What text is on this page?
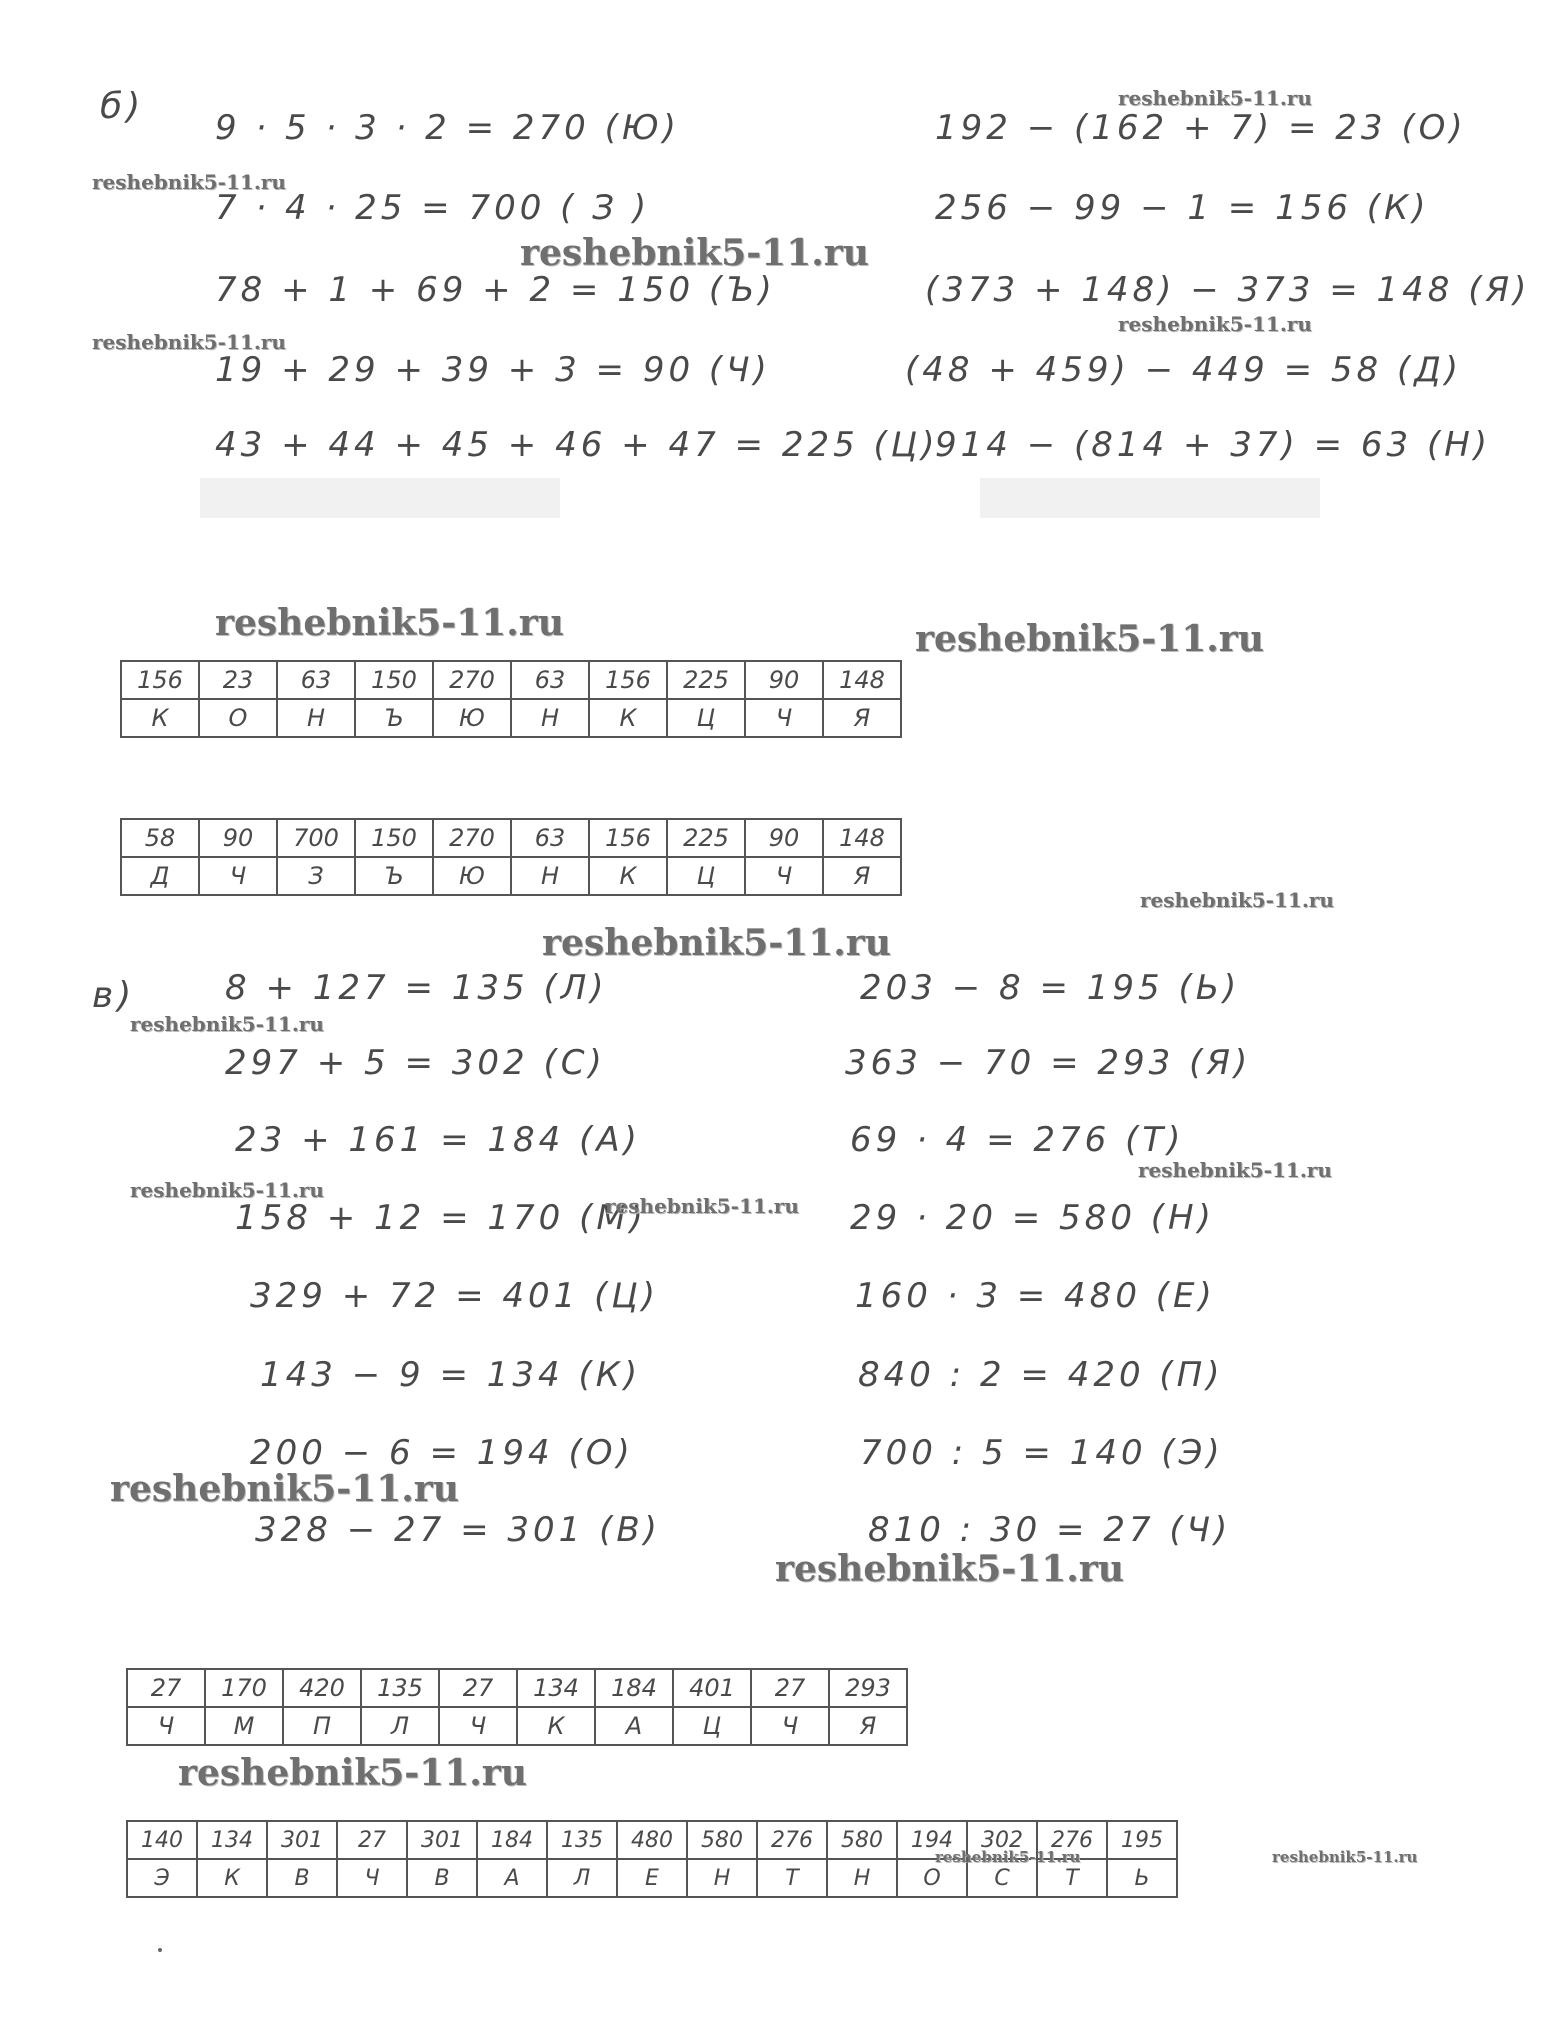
б)
9 · 5 · 3 · 2 = 270 (Ю)
7 · 4 · 25 = 700 ( З )
78 + 1 + 69 + 2 = 150 (Ъ)
19 + 29 + 39 + 3 = 90 (Ч)
43 + 44 + 45 + 46 + 47 = 225 (Ц)
192 − (162 + 7) = 23 (О)
256 − 99 − 1 = 156 (К)
(373 + 148) − 373 = 148 (Я)
(48 + 459) − 449 = 58 (Д)
914 − (814 + 37) = 63 (Н)
156	23	63	150	270	63	156	225	90	148
К	О	Н	Ъ	Ю	Н	К	Ц	Ч	Я
58	90	700	150	270	63	156	225	90	148
Д	Ч	З	Ъ	Ю	Н	К	Ц	Ч	Я
в)	8 + 127 = 135 (Л)
297 + 5 = 302 (С)
23 + 161 = 184 (А)
158 + 12 = 170 (М)
329 + 72 = 401 (Ц)
143 − 9 = 134 (К)
200 − 6 = 194 (О)
328 − 27 = 301 (В)
203 − 8 = 195 (Ь)
363 − 70 = 293 (Я)
69 · 4 = 276 (Т)
29 · 20 = 580 (Н)
160 · 3 = 480 (Е)
840 : 2 = 420 (П)
700 : 5 = 140 (Э)
810 : 30 = 27 (Ч)
27	170	420	135	27	134	184	401	27	293
Ч	М	П	Л	Ч	К	А	Ц	Ч	Я
140	134	301	27	301	184	135	480	580	276	580	194	302	276	195
Э	К	В	Ч	В	А	Л	Е	Н	Т	Н	О	С	Т	Ь
reshebnik5-11.ru
reshebnik5-11.ru
reshebnik5-11.ru
reshebnik5-11.ru
reshebnik5-11.ru
reshebnik5-11.ru	reshebnik5-11.ru
reshebnik5-11.ru
reshebnik5-11.ru
reshebnik5-11.ru
reshebnik5-11.ru
reshebnik5-11.ru
reshebnik5-11.ru
reshebnik5-11.ru
reshebnik5-11.ru
reshebnik5-11.ru
reshebnik5-11.ru	reshebnik5-11.ru
